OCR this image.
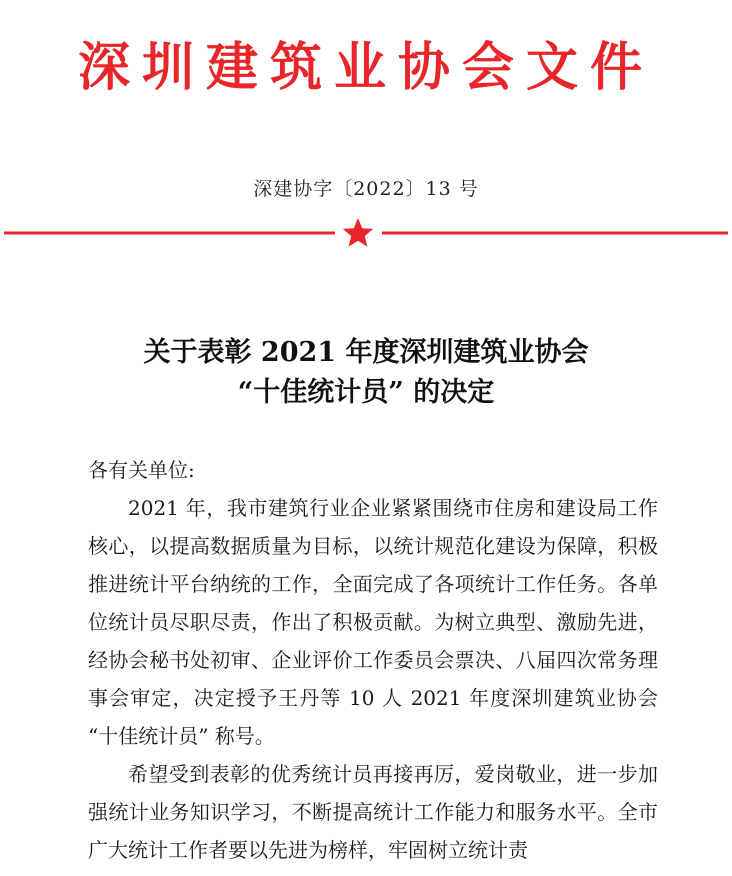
深圳建筑业协会文件
深建协字〔2022〕13 号
关于表彰 2021 年度深圳建筑业协会
“十佳统计员” 的决定

各有关单位:

2021 年，我市建筑行业企业紧紧围绕市住房和建设局工作核心，以提高数据质量为目标，以统计规范化建设为保障，积极推进统计平台纳统的工作，全面完成了各项统计工作任务。各单位统计员尽职尽责，作出了积极贡献。为树立典型、激励先进，经协会秘书处初审、企业评价工作委员会票决、八届四次常务理事会审定，决定授予王丹等 10 人 2021 年度深圳建筑业协会 “十佳统计员” 称号。

希望受到表彰的优秀统计员再接再厉，爱岗敬业，进一步加强统计业务知识学习，不断提高统计工作能力和服务水平。全市广大统计工作者要以先进为榜样，牢固树立统计责
